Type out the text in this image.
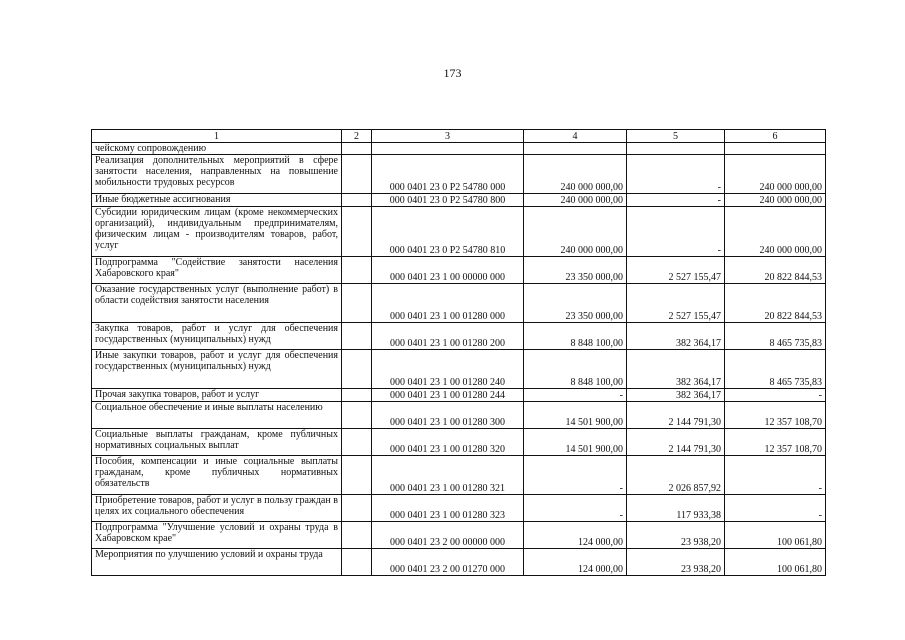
173
1	2	3	4	5	6
чейскому сопровождению					
Реализация дополнительных мероприятий в сфере занятости населения, направленных на повышение мобильности трудовых ресурсов		000 0401 23 0 P2 54780 000	240 000 000,00	-	240 000 000,00
Иные бюджетные ассигнования		000 0401 23 0 P2 54780 800	240 000 000,00	-	240 000 000,00
Субсидии юридическим лицам (кроме некоммерческих организаций), индивидуальным предпринимателям, физическим лицам - производителям товаров, работ, услуг		000 0401 23 0 P2 54780 810	240 000 000,00	-	240 000 000,00
Подпрограмма "Содействие занятости населения Хабаровского края"		000 0401 23 1 00 00000 000	23 350 000,00	2 527 155,47	20 822 844,53
Оказание государственных услуг (выполнение работ) в области содействия занятости населения		000 0401 23 1 00 01280 000	23 350 000,00	2 527 155,47	20 822 844,53
Закупка товаров, работ и услуг для обеспечения государственных (муниципальных) нужд		000 0401 23 1 00 01280 200	8 848 100,00	382 364,17	8 465 735,83
Иные закупки товаров, работ и услуг для обеспечения государственных (муниципальных) нужд		000 0401 23 1 00 01280 240	8 848 100,00	382 364,17	8 465 735,83
Прочая закупка товаров, работ и услуг		000 0401 23 1 00 01280 244	-	382 364,17	-
Социальное обеспечение и иные выплаты населению		000 0401 23 1 00 01280 300	14 501 900,00	2 144 791,30	12 357 108,70
Социальные выплаты гражданам, кроме публичных нормативных социальных выплат		000 0401 23 1 00 01280 320	14 501 900,00	2 144 791,30	12 357 108,70
Пособия, компенсации и иные социальные выплаты гражданам, кроме публичных нормативных обязательств		000 0401 23 1 00 01280 321	-	2 026 857,92	-
Приобретение товаров, работ и услуг в пользу граждан в целях их социального обеспечения		000 0401 23 1 00 01280 323	-	117 933,38	-
Подпрограмма "Улучшение условий и охраны труда в Хабаровском крае"		000 0401 23 2 00 00000 000	124 000,00	23 938,20	100 061,80
Мероприятия по улучшению условий и охраны труда		000 0401 23 2 00 01270 000	124 000,00	23 938,20	100 061,80
